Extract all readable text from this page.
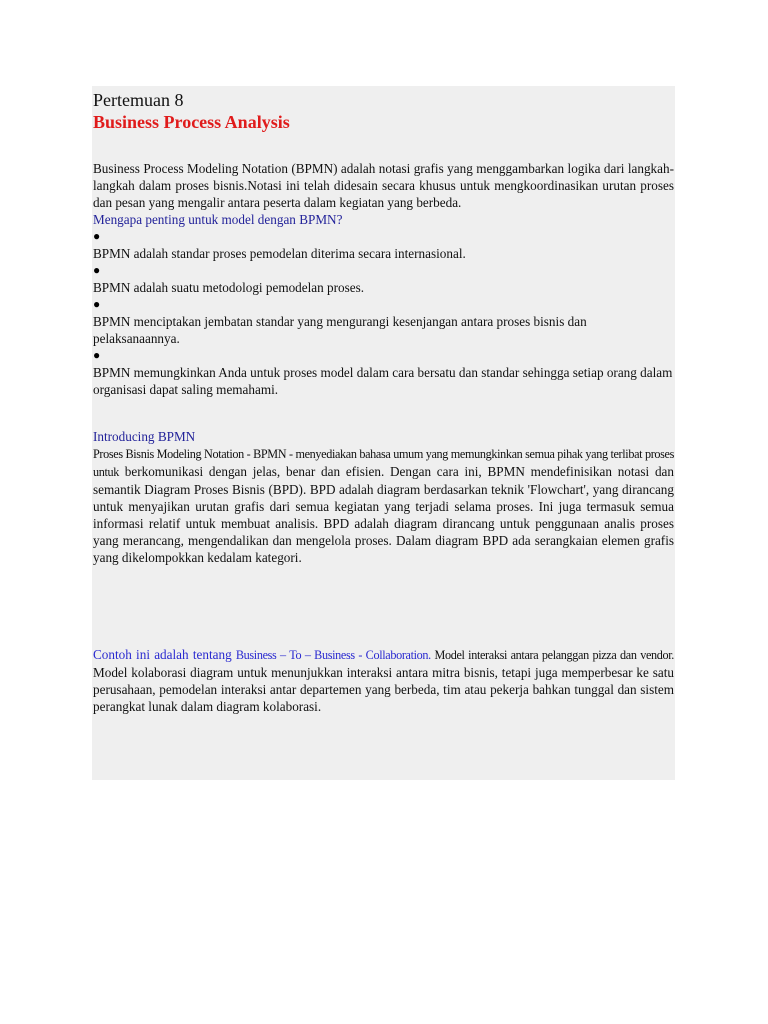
Pertemuan 8
Business Process Analysis

Business Process Modeling Notation (BPMN) adalah notasi grafis yang menggambarkan logika dari langkah-langkah dalam proses bisnis.Notasi ini telah didesain secara khusus untuk mengkoordinasikan urutan proses dan pesan yang mengalir antara peserta dalam kegiatan yang berbeda.

Mengapa penting untuk model dengan BPMN?
●
BPMN adalah standar proses pemodelan diterima secara internasional.
●
BPMN adalah suatu metodologi pemodelan proses.
●
BPMN menciptakan jembatan standar yang mengurangi kesenjangan antara proses bisnis dan pelaksanaannya.
●
BPMN memungkinkan Anda untuk proses model dalam cara bersatu dan standar sehingga setiap orang dalam organisasi dapat saling memahami.
Introducing BPMN

Proses Bisnis Modeling Notation - BPMN - menyediakan bahasa umum yang memungkinkan semua pihak yang terlibat proses untuk berkomunikasi dengan jelas, benar dan efisien. Dengan cara ini, BPMN mendefinisikan notasi dan semantik Diagram Proses Bisnis (BPD). BPD adalah diagram berdasarkan teknik 'Flowchart', yang dirancang untuk menyajikan urutan grafis dari semua kegiatan yang terjadi selama proses. Ini juga termasuk semua informasi relatif untuk membuat analisis. BPD adalah diagram dirancang untuk penggunaan analis proses yang merancang, mengendalikan dan mengelola proses. Dalam diagram BPD ada serangkaian elemen grafis yang dikelompokkan kedalam kategori.

Contoh ini adalah tentang Business – To – Business - Collaboration. Model interaksi antara pelanggan pizza dan vendor. Model kolaborasi diagram untuk menunjukkan interaksi antara mitra bisnis, tetapi juga memperbesar ke satu perusahaan, pemodelan interaksi antar departemen yang berbeda, tim atau pekerja bahkan tunggal dan sistem perangkat lunak dalam diagram kolaborasi.
